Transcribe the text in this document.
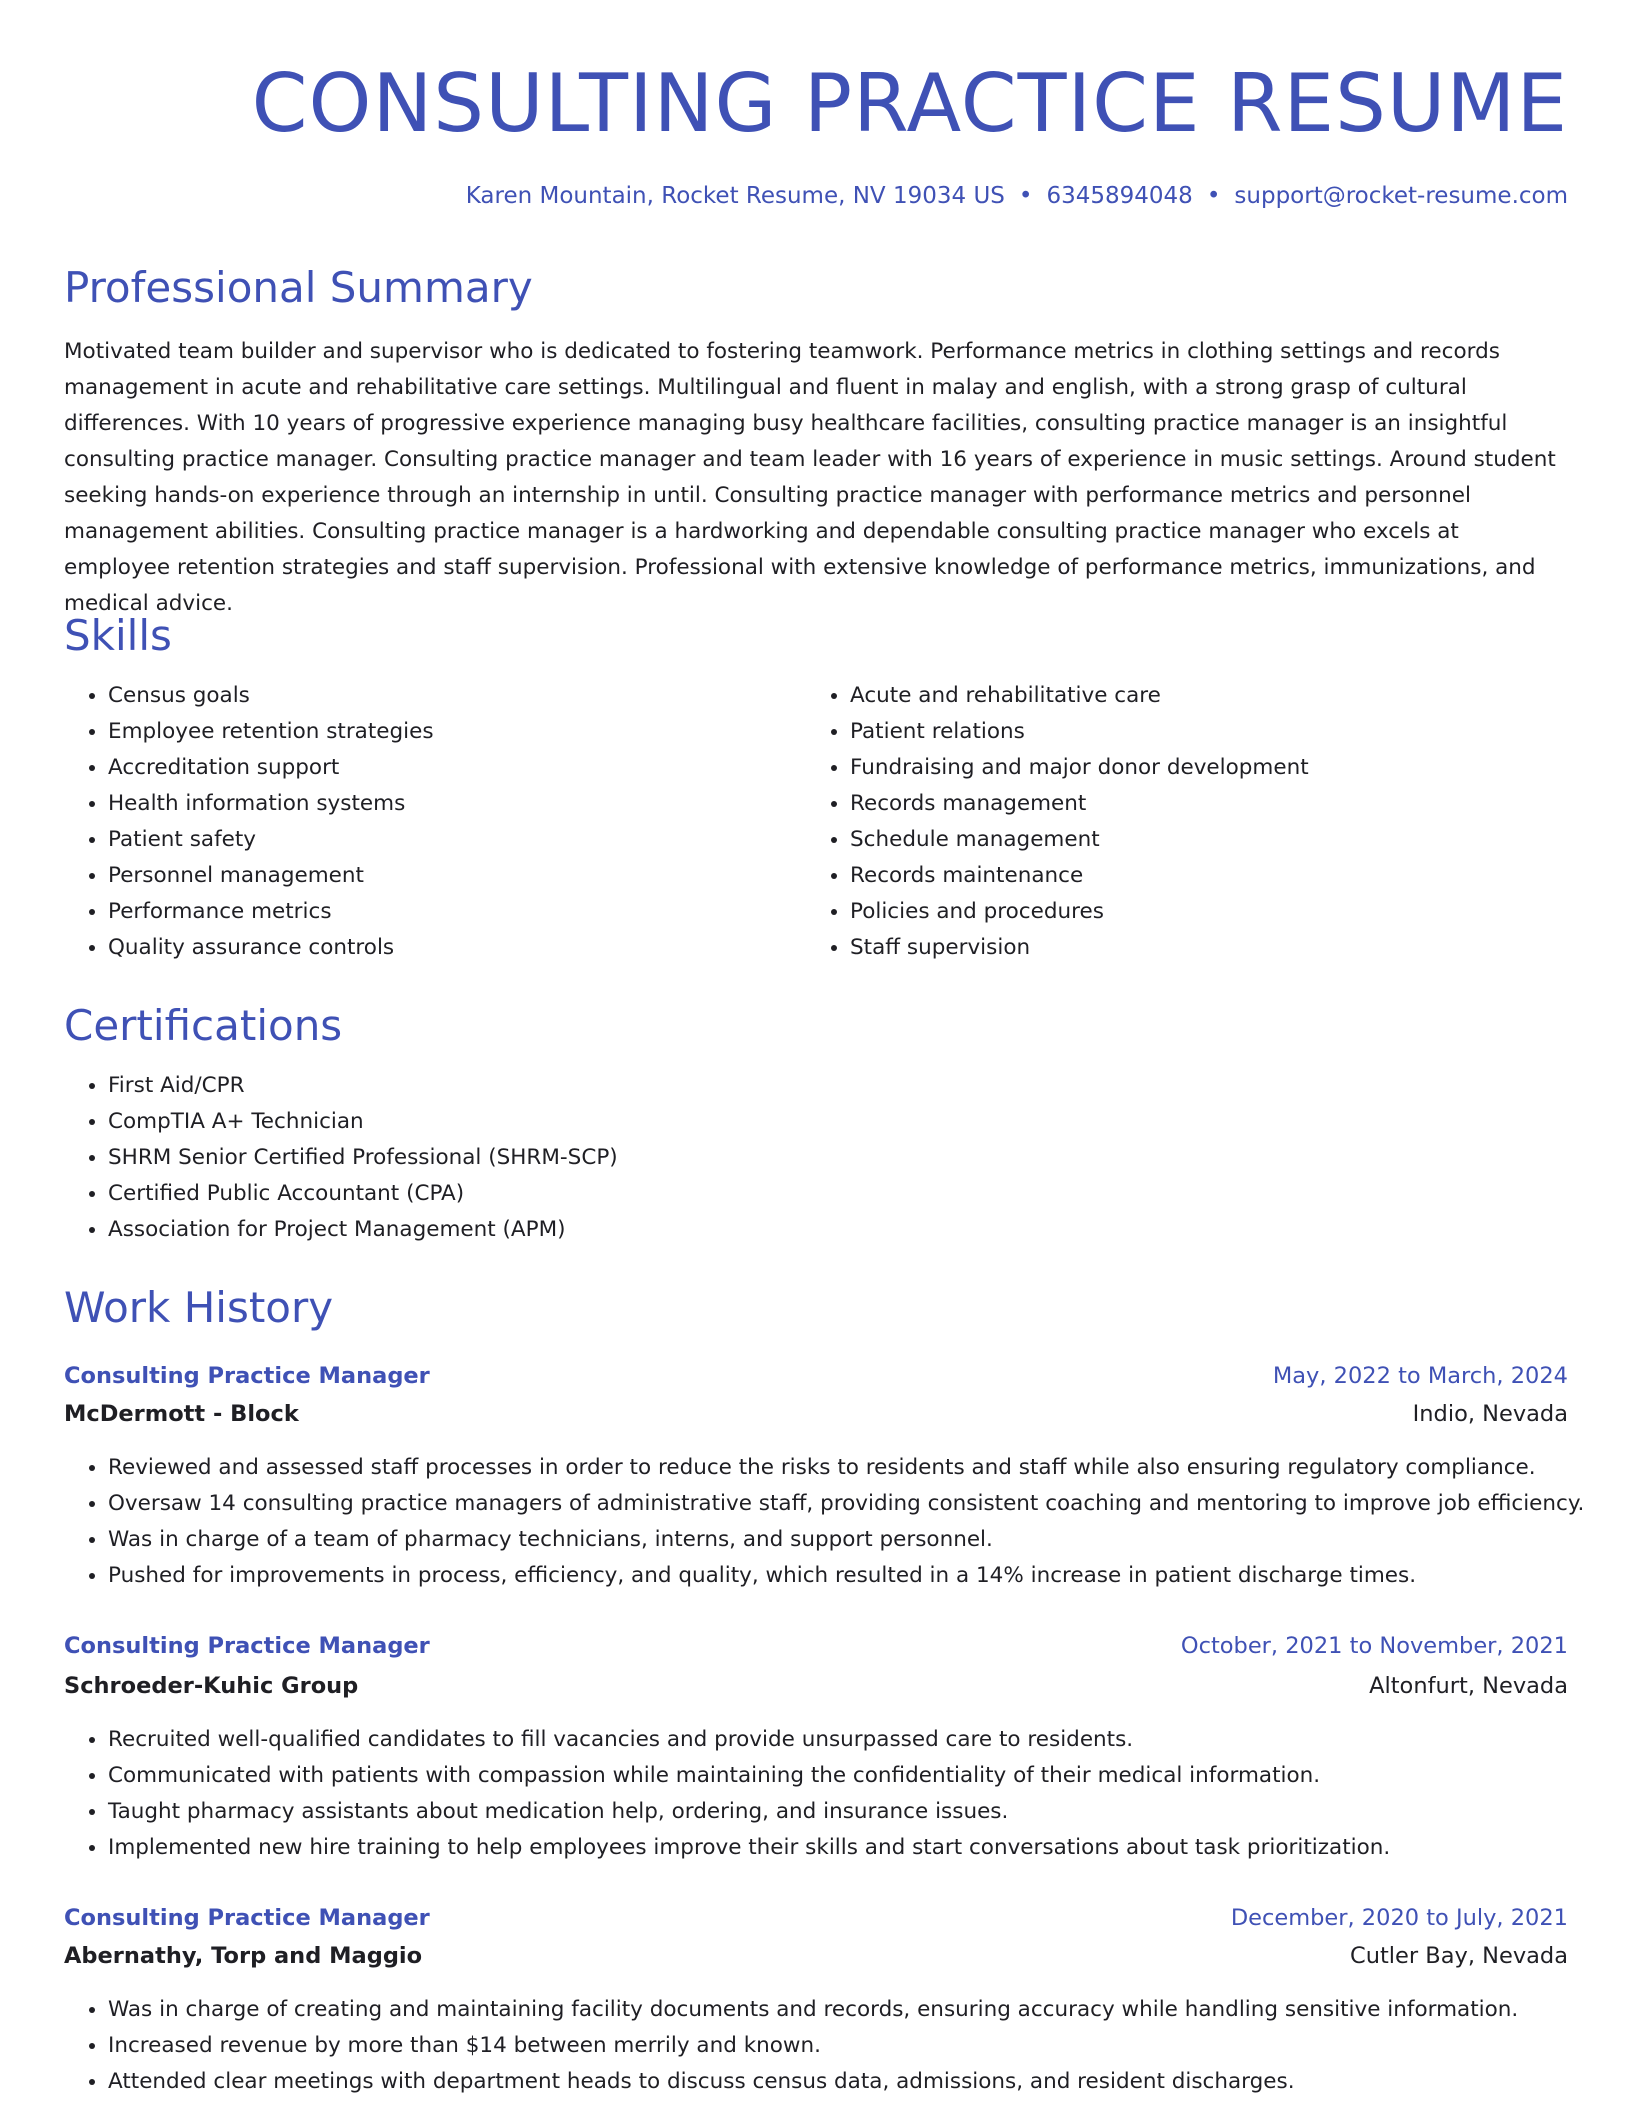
CONSULTING PRACTICE RESUME
Karen Mountain, Rocket Resume, NV 19034 US • 6345894048 • support@rocket-resume.com
Professional Summary

Motivated team builder and supervisor who is dedicated to fostering teamwork. Performance metrics in clothing settings and records management in acute and rehabilitative care settings. Multilingual and fluent in malay and english, with a strong grasp of cultural differences. With 10 years of progressive experience managing busy healthcare facilities, consulting practice manager is an insightful consulting practice manager. Consulting practice manager and team leader with 16 years of experience in music settings. Around student seeking hands-on experience through an internship in until. Consulting practice manager with performance metrics and personnel management abilities. Consulting practice manager is a hardworking and dependable consulting practice manager who excels at employee retention strategies and staff supervision. Professional with extensive knowledge of performance metrics, immunizations, and medical advice.

Skills
• Census goals
• Employee retention strategies
• Accreditation support
• Health information systems
• Patient safety
• Personnel management
• Performance metrics
• Quality assurance controls
• Acute and rehabilitative care
• Patient relations
• Fundraising and major donor development
• Records management
• Schedule management
• Records maintenance
• Policies and procedures
• Staff supervision
Certifications
• First Aid/CPR
• CompTIA A+ Technician
• SHRM Senior Certified Professional (SHRM-SCP)
• Certified Public Accountant (CPA)
• Association for Project Management (APM)
Work History
Consulting Practice Manager	May, 2022 to March, 2024
McDermott - Block	Indio, Nevada
• Reviewed and assessed staff processes in order to reduce the risks to residents and staff while also ensuring regulatory compliance.
• Oversaw 14 consulting practice managers of administrative staff, providing consistent coaching and mentoring to improve job efficiency.
• Was in charge of a team of pharmacy technicians, interns, and support personnel.
• Pushed for improvements in process, efficiency, and quality, which resulted in a 14% increase in patient discharge times.
Consulting Practice Manager	October, 2021 to November, 2021
Schroeder-Kuhic Group	Altonfurt, Nevada
• Recruited well-qualified candidates to fill vacancies and provide unsurpassed care to residents.
• Communicated with patients with compassion while maintaining the confidentiality of their medical information.
• Taught pharmacy assistants about medication help, ordering, and insurance issues.
• Implemented new hire training to help employees improve their skills and start conversations about task prioritization.
Consulting Practice Manager	December, 2020 to July, 2021
Abernathy, Torp and Maggio	Cutler Bay, Nevada
• Was in charge of creating and maintaining facility documents and records, ensuring accuracy while handling sensitive information.
• Increased revenue by more than $14 between merrily and known.
• Attended clear meetings with department heads to discuss census data, admissions, and resident discharges.
